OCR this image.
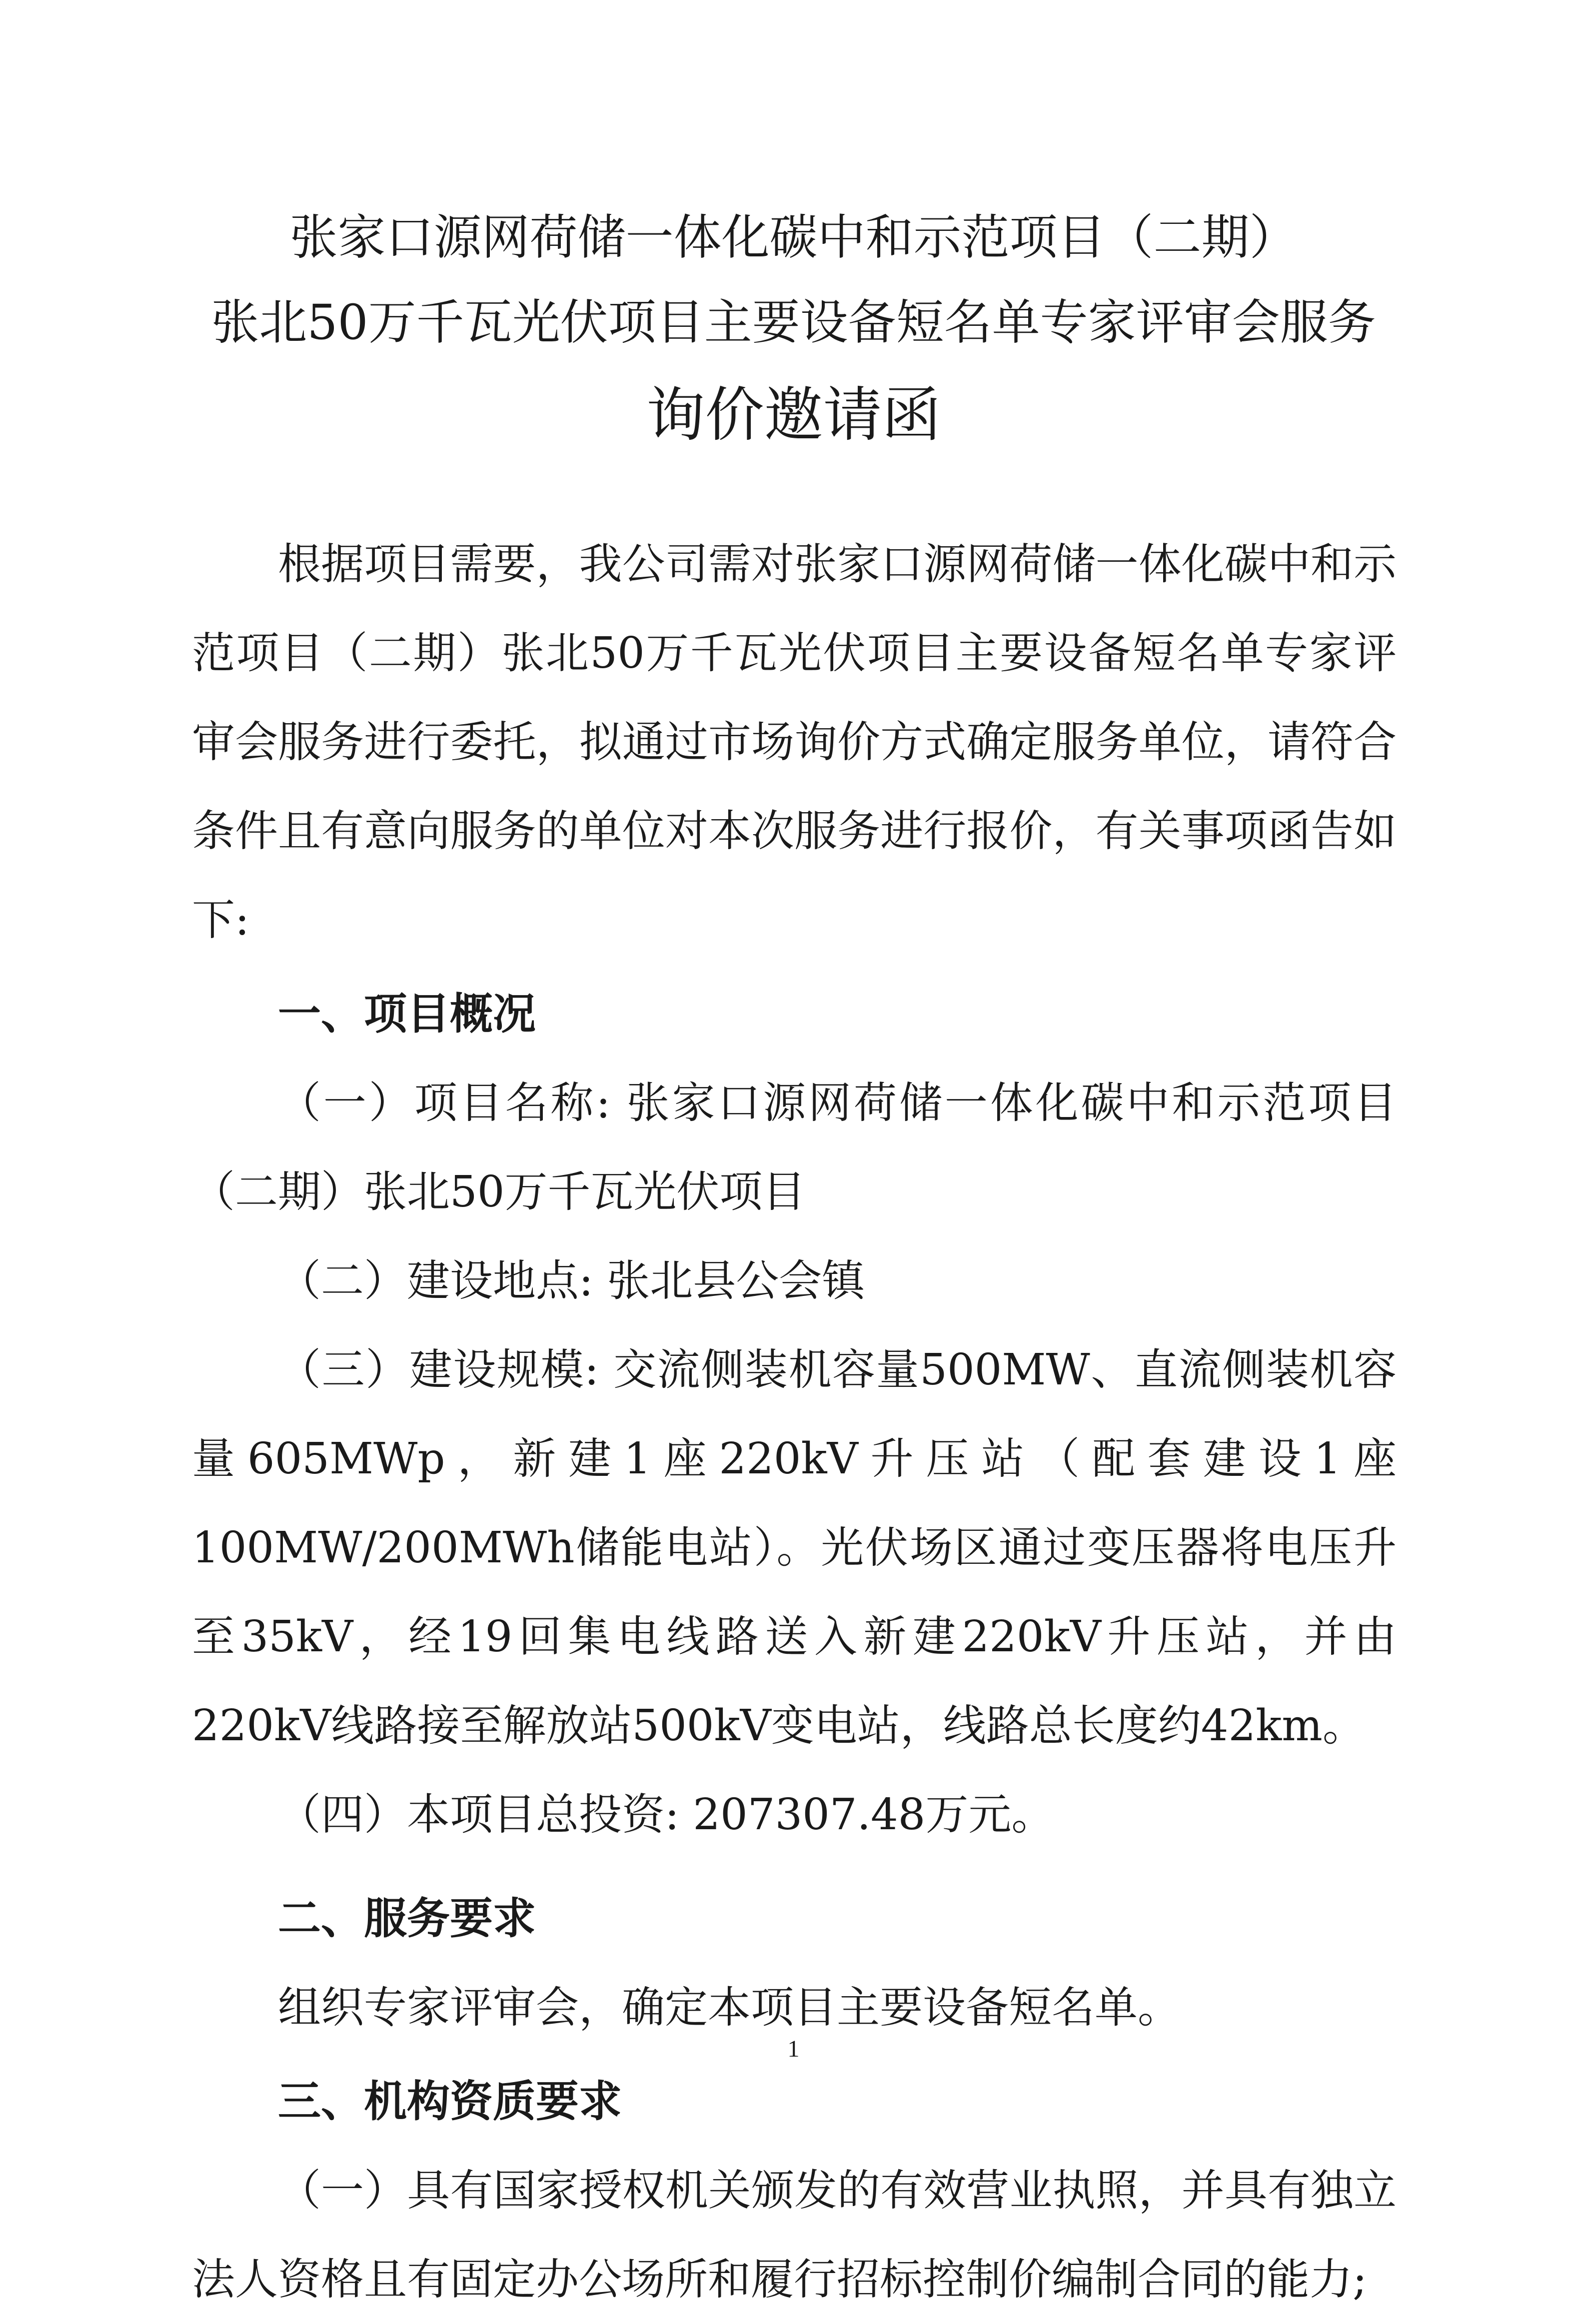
张家口源网荷储一体化碳中和示范项目（二期）

张北50万千瓦光伏项目主要设备短名单专家评审会服务

询价邀请函

根据项目需要，我公司需对张家口源网荷储一体化碳中和示范项目（二期）张北50万千瓦光伏项目主要设备短名单专家评审会服务进行委托，拟通过市场询价方式确定服务单位，请符合条件且有意向服务的单位对本次服务进行报价，有关事项函告如下:

一、项目概况

（一）项目名称: 张家口源网荷储一体化碳中和示范项目（二期）张北50万千瓦光伏项目

（二）建设地点: 张北县公会镇

（三）建设规模: 交流侧装机容量500MW、直流侧装机容量605MWp，新建1座220kV升压站（配套建设1座100MW/200MWh储能电站）。光伏场区通过变压器将电压升至35kV，经19回集电线路送入新建220kV升压站，并由220kV线路接至解放站500kV变电站，线路总长度约42km。

（四）本项目总投资: 207307.48万元。

二、服务要求

组织专家评审会，确定本项目主要设备短名单。

三、机构资质要求

（一）具有国家授权机关颁发的有效营业执照，并具有独立法人资格且有固定办公场所和履行招标控制价编制合同的能力;

1
